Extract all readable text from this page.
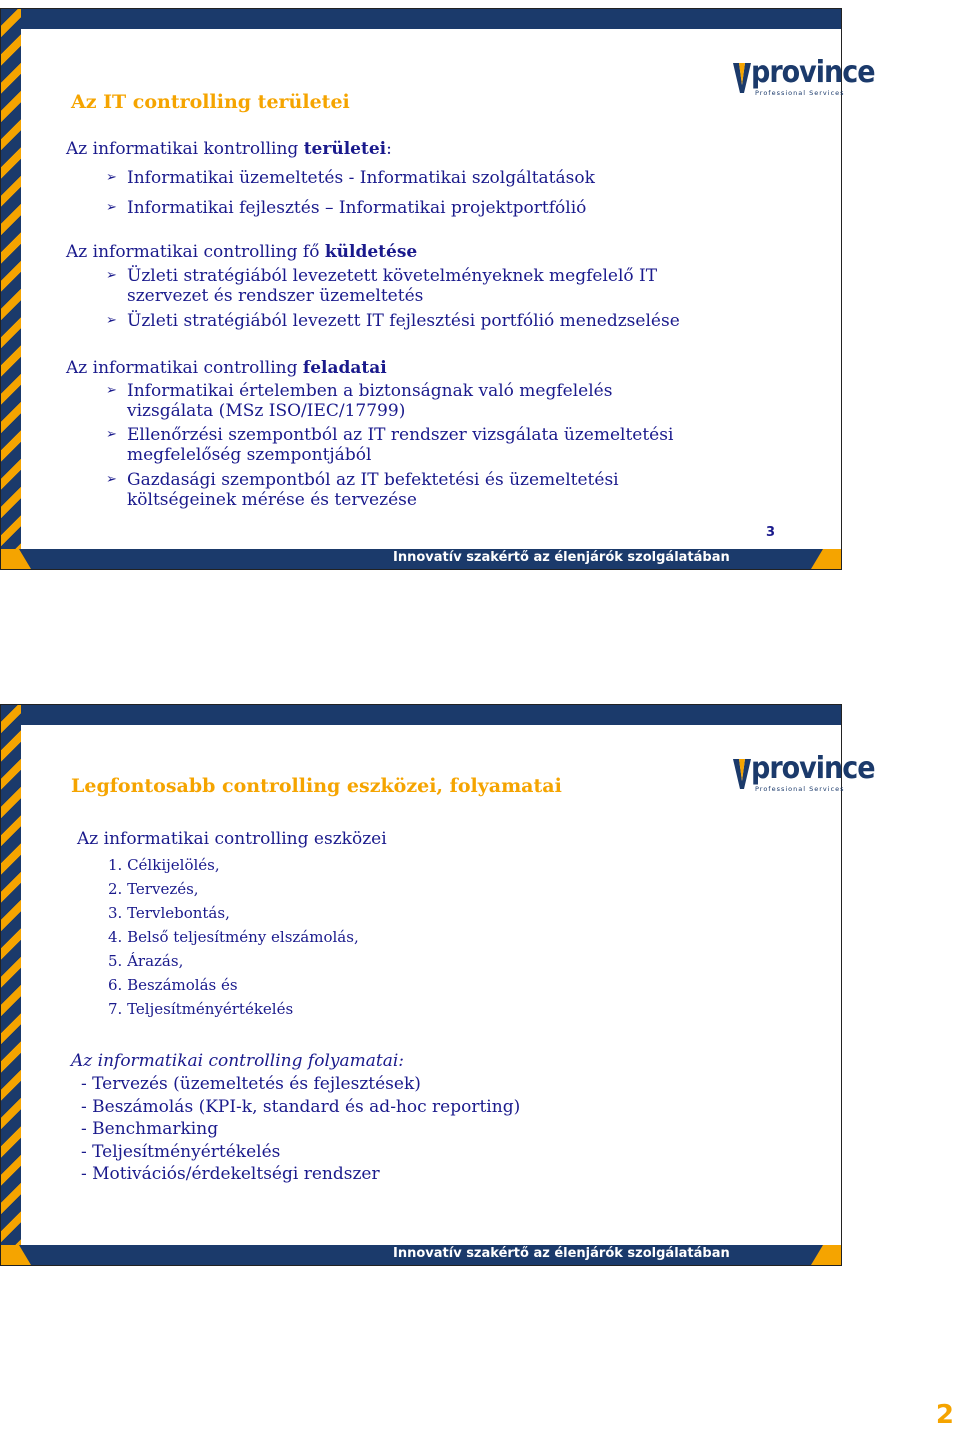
province
Professional Services
Az IT controlling területei
Az informatikai kontrolling területei:
➢ Informatikai üzemeltetés - Informatikai szolgáltatások
➢ Informatikai fejlesztés – Informatikai projektportfólió
Az informatikai controlling fő küldetése
➢ Üzleti stratégiából levezetett követelményeknek megfelelő IT
szervezet és rendszer üzemeltetés
➢ Üzleti stratégiából levezett IT fejlesztési portfólió menedzselése
Az informatikai controlling feladatai
➢ Informatikai értelemben a biztonságnak való megfelelés
vizsgálata (MSz ISO/IEC/17799)
➢ Ellenőrzési szempontból az IT rendszer vizsgálata üzemeltetési
megfelelőség szempontjából
➢ Gazdasági szempontból az IT befektetési és üzemeltetési
költségeinek mérése és tervezése
3
Innovatív szakértő az élenjárók szolgálatában
province
Professional Services
Legfontosabb controlling eszközei, folyamatai
Az informatikai controlling eszközei
1. Célkijelölés,
2. Tervezés,
3. Tervlebontás,
4. Belső teljesítmény elszámolás,
5. Árazás,
6. Beszámolás és
7. Teljesítményértékelés
Az informatikai controlling folyamatai:
- Tervezés (üzemeltetés és fejlesztések)
- Beszámolás (KPI-k, standard és ad-hoc reporting)
- Benchmarking
- Teljesítményértékelés
- Motivációs/érdekeltségi rendszer
Innovatív szakértő az élenjárók szolgálatában
2
